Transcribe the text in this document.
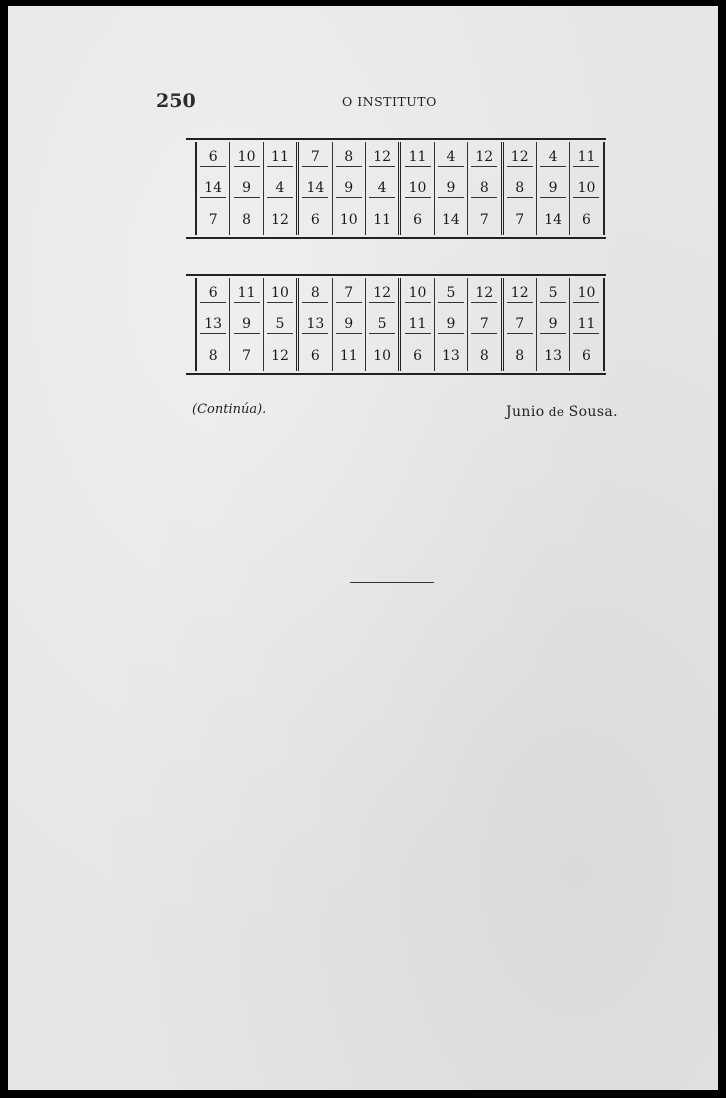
250	O INSTITUTO
6	10	11	7	8	12	11	4	12	12	4	11
14	9	4	14	9	4	10	9	8	8	9	10
7	8	12	6	10	11	6	14	7	7	14	6
6	11	10	8	7	12	10	5	12	12	5	10
13	9	5	13	9	5	11	9	7	7	9	11
8	7	12	6	11	10	6	13	8	8	13	6
(Continúa).	Junio de Sousa.
